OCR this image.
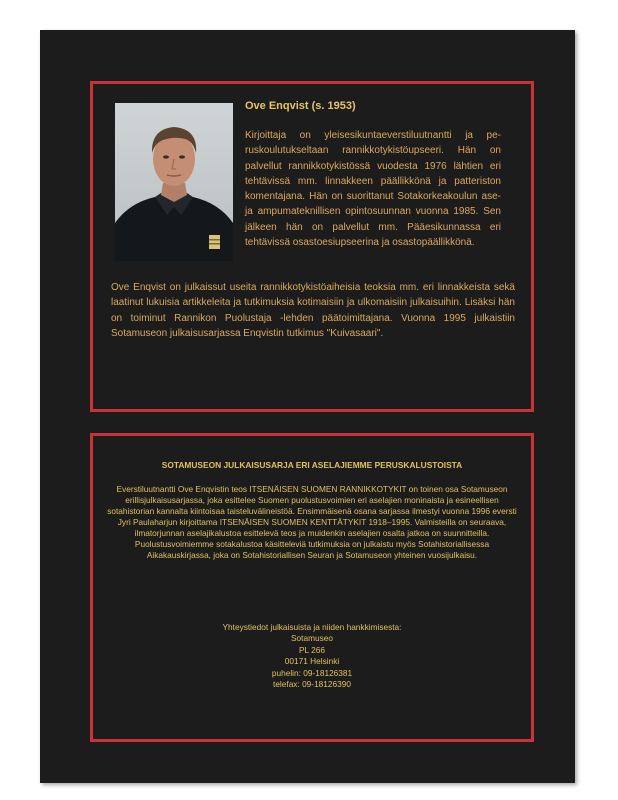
Ove Enqvist (s. 1953)

Kirjoittaja on yleisesikuntaeverstiluutnantti ja peruskoulutukseltaan rannikkotykistöupseeri. Hän on palvellut rannikkotykistössä vuodesta 1976 lähtien eri tehtävissä mm. linnakkeen päällikkönä ja patteriston komentajana. Hän on suorittanut Sotakorkeakoulun ase- ja ampumateknillisen opintosuunnan vuonna 1985. Sen jälkeen hän on palvellut mm. Pääesikunnassa eri tehtävissä osastoesiupseerina ja osastopäällikkönä.

Ove Enqvist on julkaissut useita rannikkotykistöaiheisia teoksia mm. eri linnakkeista sekä laatinut lukuisia artikkeleita ja tutkimuksia kotimaisiin ja ulkomaisiin julkaisuihin. Lisäksi hän on toiminut Rannikon Puolustaja -lehden päätoimittajana. Vuonna 1995 julkaistiin Sotamuseon julkaisusarjassa Enqvistin tutkimus "Kuivasaari".

SOTAMUSEON JULKAISUSARJA ERI ASELAJIEMME PERUSKALUSTOISTA

Everstiluutnantti Ove Enqvistin teos ITSENÄISEN SUOMEN RANNIKKOTYKIT on toinen osa Sotamuseon erillisjulkaisusarjassa, joka esittelee Suomen puolustusvoimien eri aselajien moninaista ja esineellisen sotahistorian kannalta kiintoisaa taisteluvälineistöä. Ensimmäisenä osana sarjassa ilmestyi vuonna 1996 eversti Jyri Paulaharjun kirjoittama ITSENÄISEN SUOMEN KENTTÄTYKIT 1918–1995. Valmisteilla on seuraava, ilmatorjunnan aselajikalustoa esittelevä teos ja muidenkin aselajien osalta jatkoa on suunnitteilla. Puolustusvoimiemme sotakalustoa käsitteleviä tutkimuksia on julkaistu myös Sotahistoriallisessa Aikakauskirjassa, joka on Sotahistoriallisen Seuran ja Sotamuseon yhteinen vuosijulkaisu.

Yhteystiedot julkaisuista ja niiden hankkimisesta:
Sotamuseo
PL 266
00171 Helsinki
puhelin: 09-18126381
telefax: 09-18126390
